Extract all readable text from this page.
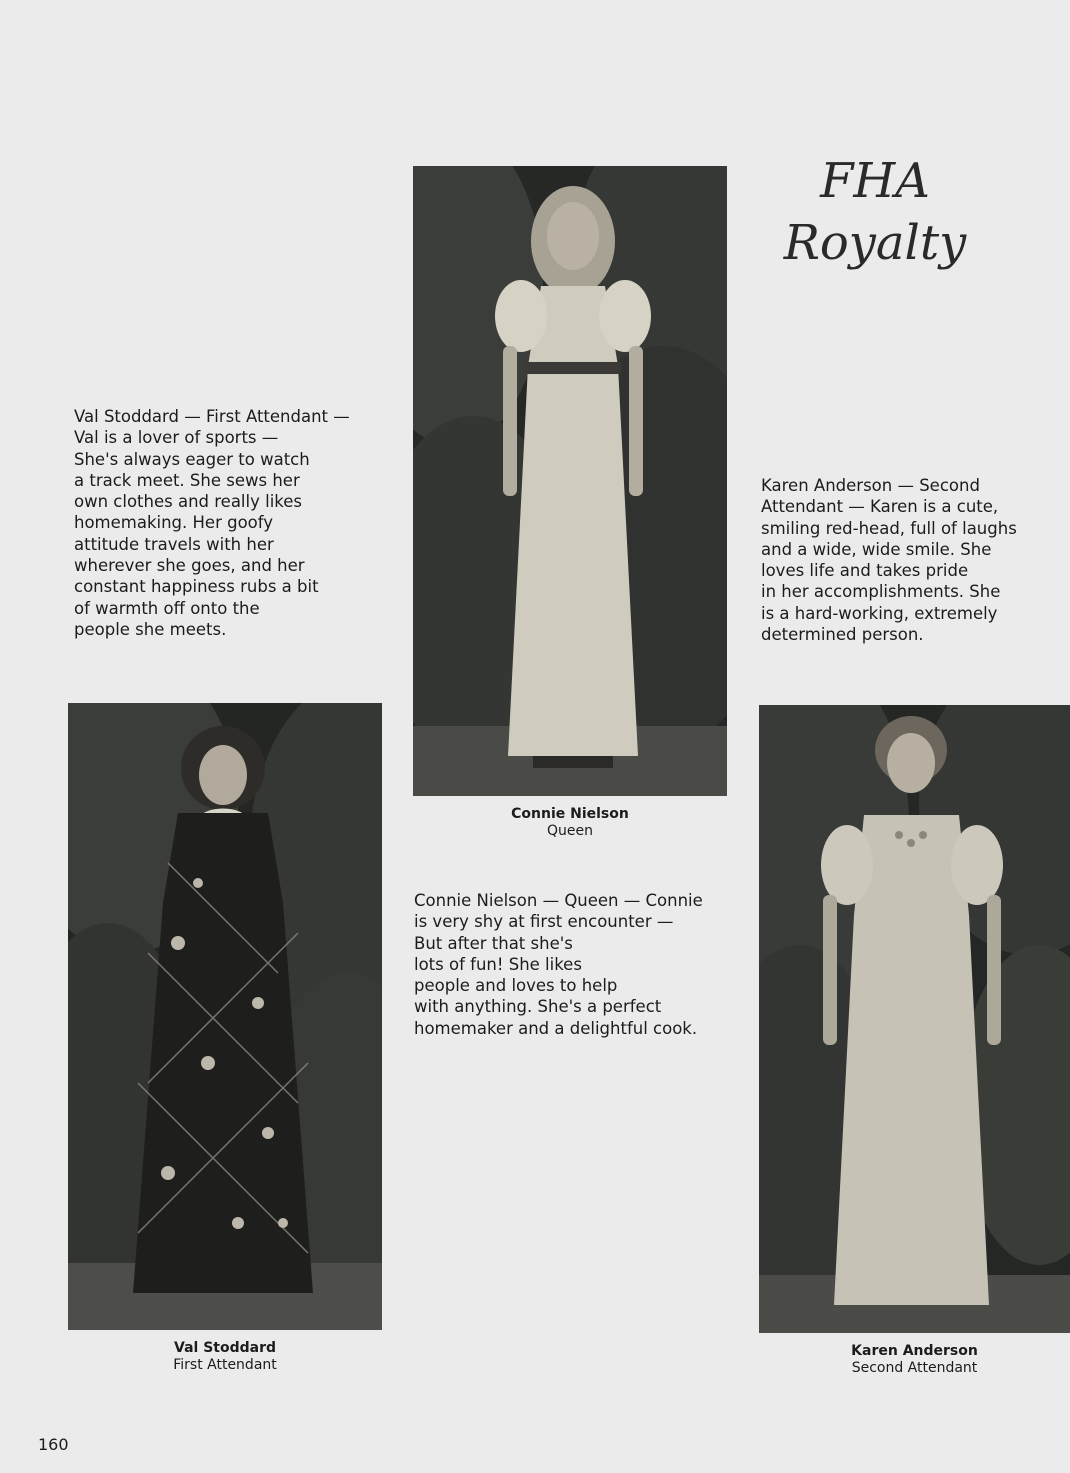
FHA
Royalty
Connie Nielson
Queen
Val Stoddard
First Attendant
Karen Anderson
Second Attendant
Val Stoddard — First Attendant —
Val is a lover of sports —
She's always eager to watch
a track meet. She sews her
own clothes and really likes
homemaking. Her goofy
attitude travels with her
wherever she goes, and her
constant happiness rubs a bit
of warmth off onto the
people she meets.
Karen Anderson — Second
Attendant — Karen is a cute,
smiling red-head, full of laughs
and a wide, wide smile. She
loves life and takes pride
in her accomplishments. She
is a hard-working, extremely
determined person.
Connie Nielson — Queen — Connie
is very shy at first encounter —
But after that she's
lots of fun! She likes
people and loves to help
with anything. She's a perfect
homemaker and a delightful cook.
160
